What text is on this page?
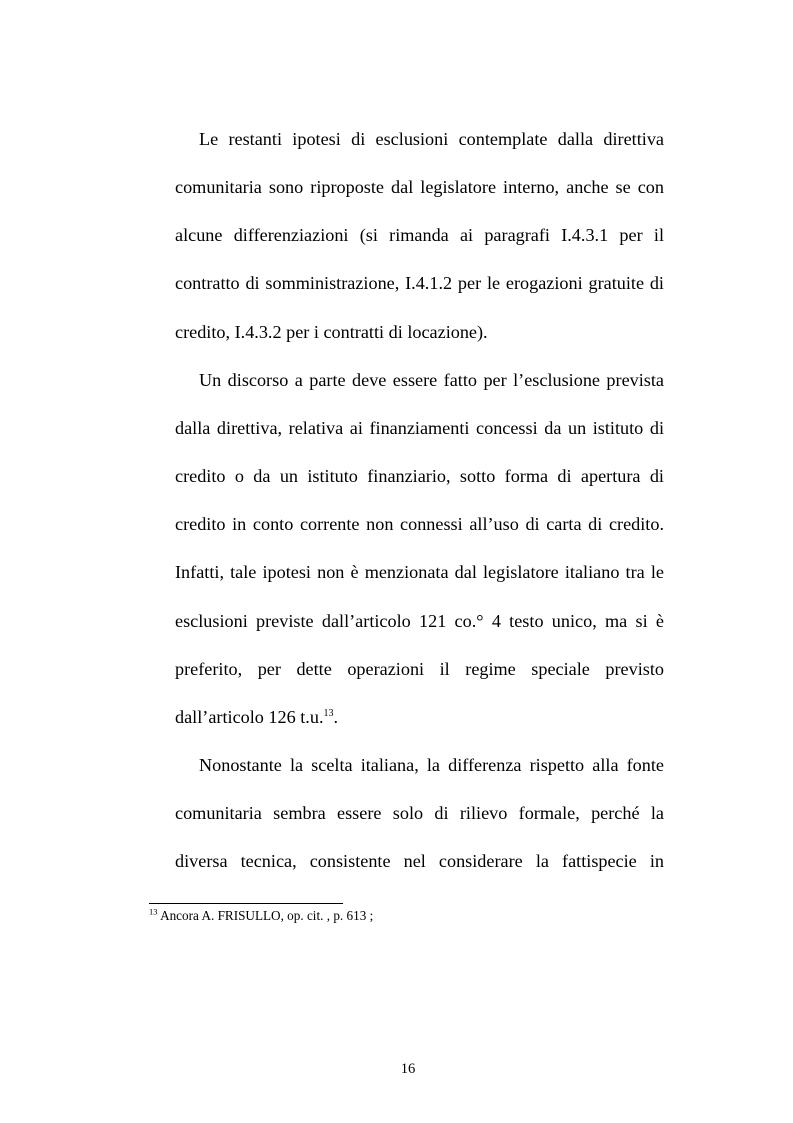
Le restanti ipotesi di esclusioni contemplate dalla direttiva comunitaria sono riproposte dal legislatore interno, anche se con alcune differenziazioni (si rimanda ai paragrafi I.4.3.1 per il contratto di somministrazione, I.4.1.2 per le erogazioni gratuite di credito, I.4.3.2 per i contratti di locazione).

Un discorso a parte deve essere fatto per l’esclusione prevista dalla direttiva, relativa ai finanziamenti concessi da un istituto di credito o da un istituto finanziario, sotto forma di apertura di credito in conto corrente non connessi all’uso di carta di credito. Infatti, tale ipotesi non è menzionata dal legislatore italiano tra le esclusioni previste dall’articolo 121 co.° 4 testo unico, ma si è preferito, per dette operazioni il regime speciale previsto dall’articolo 126 t.u.$^{13}$.

Nonostante la scelta italiana, la differenza rispetto alla fonte comunitaria sembra essere solo di rilievo formale, perché la diversa tecnica, consistente nel considerare la fattispecie in

$^{13}$ Ancora A. FRISULLO, op. cit. , p. 613 ;
16
